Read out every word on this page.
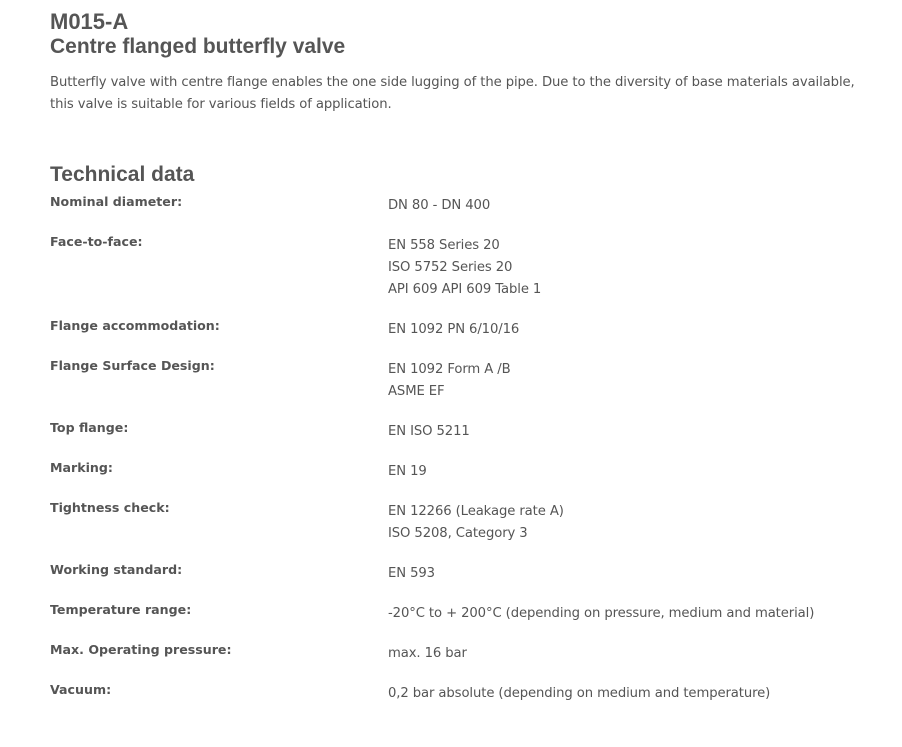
M015-A
Centre flanged butterfly valve

Butterfly valve with centre flange enables the one side lugging of the pipe. Due to the diversity of base materials available, this valve is suitable for various fields of application.

Technical data
Nominal diameter:	DN 80 - DN 400
Face-to-face:	EN 558 Series 20
ISO 5752 Series 20
API 609 API 609 Table 1
Flange accommodation:	EN 1092 PN 6/10/16
Flange Surface Design:	EN 1092 Form A /B
ASME EF
Top flange:	EN ISO 5211
Marking:	EN 19
Tightness check:	EN 12266 (Leakage rate A)
ISO 5208, Category 3
Working standard:	EN 593
Temperature range:	-20°C to + 200°C (depending on pressure, medium and material)
Max. Operating pressure:	max. 16 bar
Vacuum:	0,2 bar absolute (depending on medium and temperature)
